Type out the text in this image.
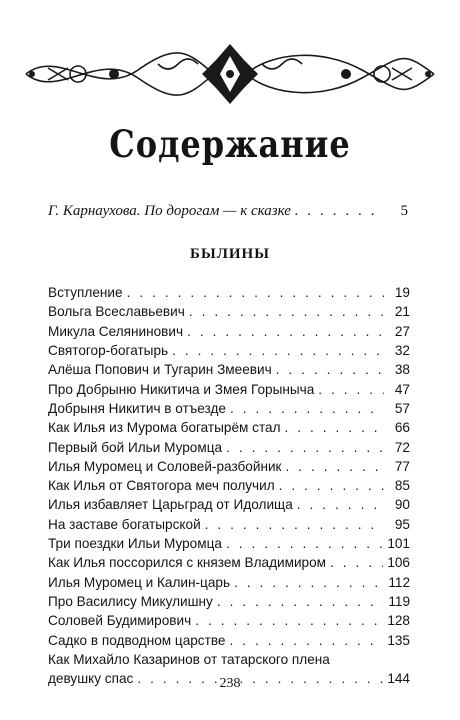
Содержание
Г. Карнаухова. По дорогам — к сказке . . .	5
БЫЛИНЫ
Вступление . . .	19
Вольга Всеславьевич . . .	21
Микула Селянинович . . .	27
Святогор-богатырь . . .	32
Алёша Попович и Тугарин Змеевич . . .	38
Про Добрыню Никитича и Змея Горыныча . . .	47
Добрыня Никитич в отъезде . . .	57
Как Илья из Мурома богатырём стал . . .	66
Первый бой Ильи Муромца . . .	72
Илья Муромец и Соловей-разбойник . . .	77
Как Илья от Святогора меч получил . . .	85
Илья избавляет Царьград от Идолища . . .	90
На заставе богатырской . . .	95
Три поездки Ильи Муромца . . .	101
Как Илья поссорился с князем Владимиром . . .	106
Илья Муромец и Калин-царь . . .	112
Про Василису Микулишну . . .	119
Соловей Будимирович . . .	128
Садко в подводном царстве . . .	135
Как Михайло Казаринов от татарского плена
девушку спас . . .	144
238
